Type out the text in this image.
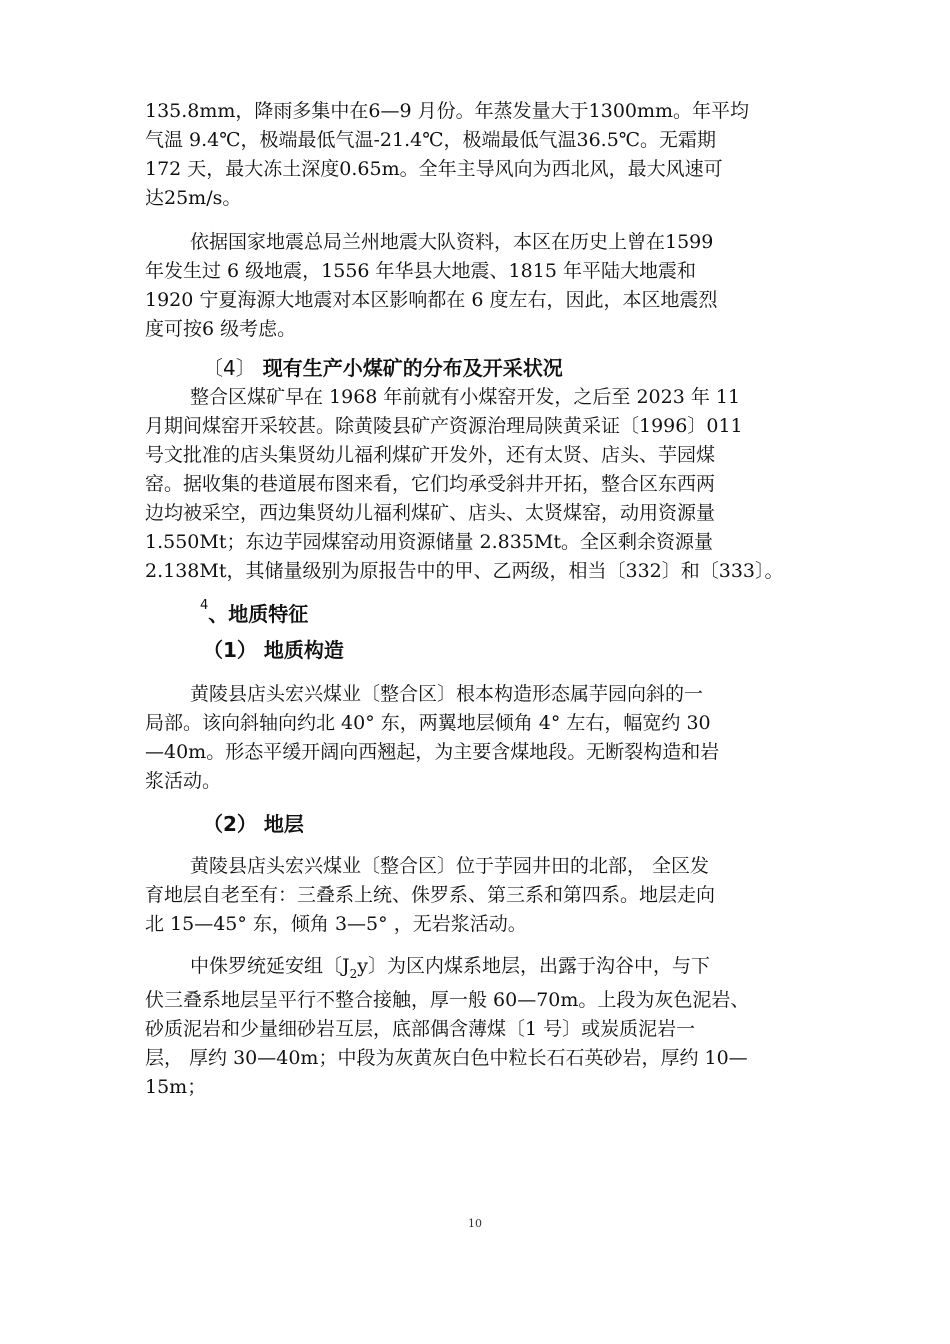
135.8mm，降雨多集中在6—9 月份。年蒸发量大于1300mm。年平均
气温 9.4℃，极端最低气温-21.4℃，极端最低气温36.5℃。无霜期
172 天，最大冻土深度0.65m。全年主导风向为西北风，最大风速可
达25m/s。

依据国家地震总局兰州地震大队资料，本区在历史上曾在1599
年发生过 6 级地震，1556 年华县大地震、1815 年平陆大地震和
1920 宁夏海源大地震对本区影响都在 6 度左右，因此，本区地震烈
度可按6 级考虑。

〔4〕 现有生产小煤矿的分布及开采状况

整合区煤矿早在 1968 年前就有小煤窑开发，之后至 2023 年 11
月期间煤窑开采较甚。除黄陵县矿产资源治理局陕黄采证〔1996〕011
号文批准的店头集贤幼儿福利煤矿开发外，还有太贤、店头、芋园煤
窑。据收集的巷道展布图来看，它们均承受斜井开拓，整合区东西两
边均被采空，西边集贤幼儿福利煤矿、店头、太贤煤窑，动用资源量
1.550Mt；东边芋园煤窑动用资源储量 2.835Mt。全区剩余资源量
2.138Mt，其储量级别为原报告中的甲、乙两级，相当〔332〕和〔333〕。

$^4$、地质特征
（1） 地质构造

黄陵县店头宏兴煤业〔整合区〕根本构造形态属芋园向斜的一
局部。该向斜轴向约北 40° 东，两翼地层倾角 4° 左右，幅宽约 30
—40m。形态平缓开阔向西翘起，为主要含煤地段。无断裂构造和岩
浆活动。

（2） 地层

黄陵县店头宏兴煤业〔整合区〕位于芋园井田的北部， 全区发
育地层自老至有：三叠系上统、侏罗系、第三系和第四系。地层走向
北 15—45° 东，倾角 3—5° ，无岩浆活动。

中侏罗统延安组〔$J_2y$〕为区内煤系地层，出露于沟谷中，与下
伏三叠系地层呈平行不整合接触，厚一般 60—70m。上段为灰色泥岩、
砂质泥岩和少量细砂岩互层，底部偶含薄煤〔1 号〕或炭质泥岩一
层， 厚约 30—40m；中段为灰黄灰白色中粒长石石英砂岩，厚约 10—
15m；

10
